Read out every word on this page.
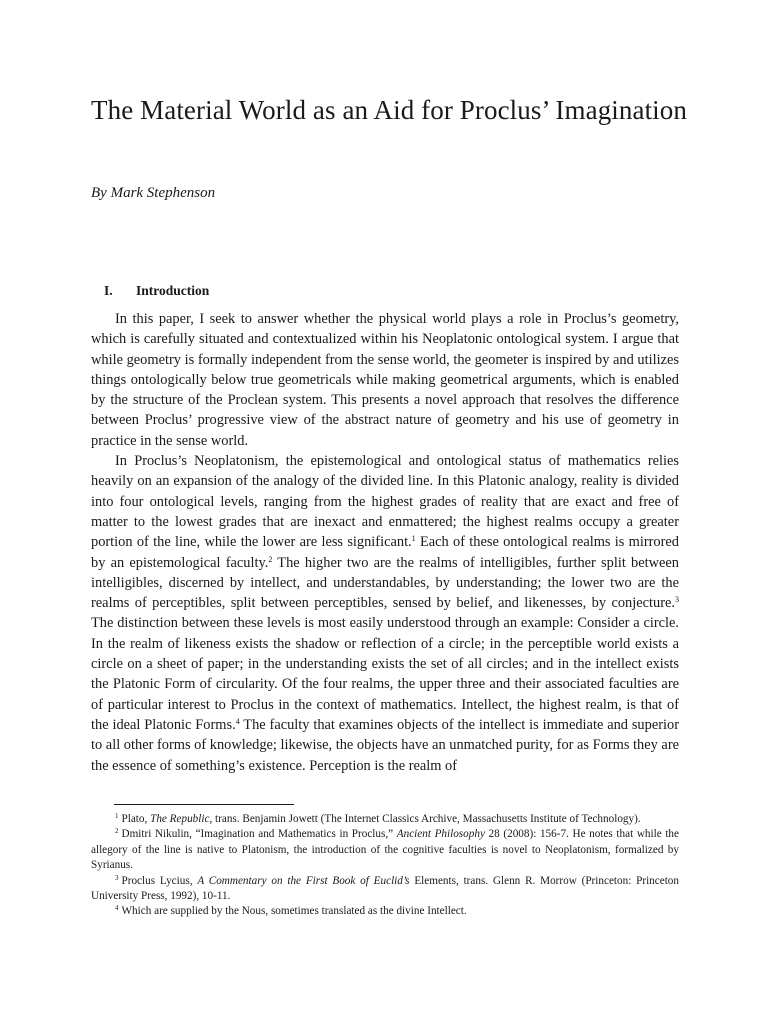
The Material World as an Aid for Proclus’ Imagination

By Mark Stephenson

I. Introduction

In this paper, I seek to answer whether the physical world plays a role in Proclus’s geometry, which is carefully situated and contextualized within his Neoplatonic ontological system. I argue that while geometry is formally independent from the sense world, the geometer is inspired by and utilizes things ontologically below true geometricals while making geometrical arguments, which is enabled by the structure of the Proclean system. This presents a novel approach that resolves the difference between Proclus’ progressive view of the abstract nature of geometry and his use of geometry in practice in the sense world.

In Proclus’s Neoplatonism, the epistemological and ontological status of mathematics relies heavily on an expansion of the analogy of the divided line. In this Platonic analogy, reality is divided into four ontological levels, ranging from the highest grades of reality that are exact and free of matter to the lowest grades that are inexact and enmattered; the highest realms occupy a greater portion of the line, while the lower are less significant.$^1$ Each of these ontological realms is mirrored by an epistemological faculty.$^2$ The higher two are the realms of intelligibles, further split between intelligibles, discerned by intellect, and understandables, by understanding; the lower two are the realms of perceptibles, split between perceptibles, sensed by belief, and likenesses, by conjecture.$^3$ The distinction between these levels is most easily understood through an example: Consider a circle. In the realm of likeness exists the shadow or reflection of a circle; in the perceptible world exists a circle on a sheet of paper; in the understanding exists the set of all circles; and in the intellect exists the Platonic Form of circularity. Of the four realms, the upper three and their associated faculties are of particular interest to Proclus in the context of mathematics. Intellect, the highest realm, is that of the ideal Platonic Forms.$^4$ The faculty that examines objects of the intellect is immediate and superior to all other forms of knowledge; likewise, the objects have an unmatched purity, for as Forms they are the essence of something’s existence. Perception is the realm of

$^1$ Plato, The Republic, trans. Benjamin Jowett (The Internet Classics Archive, Massachusetts Institute of Technology).

$^2$ Dmitri Nikulin, “Imagination and Mathematics in Proclus,” Ancient Philosophy 28 (2008): 156-7. He notes that while the allegory of the line is native to Platonism, the introduction of the cognitive faculties is novel to Neoplatonism, formalized by Syrianus.

$^3$ Proclus Lycius, A Commentary on the First Book of Euclid’s Elements, trans. Glenn R. Morrow (Princeton: Princeton University Press, 1992), 10-11.

$^4$ Which are supplied by the Nous, sometimes translated as the divine Intellect.
